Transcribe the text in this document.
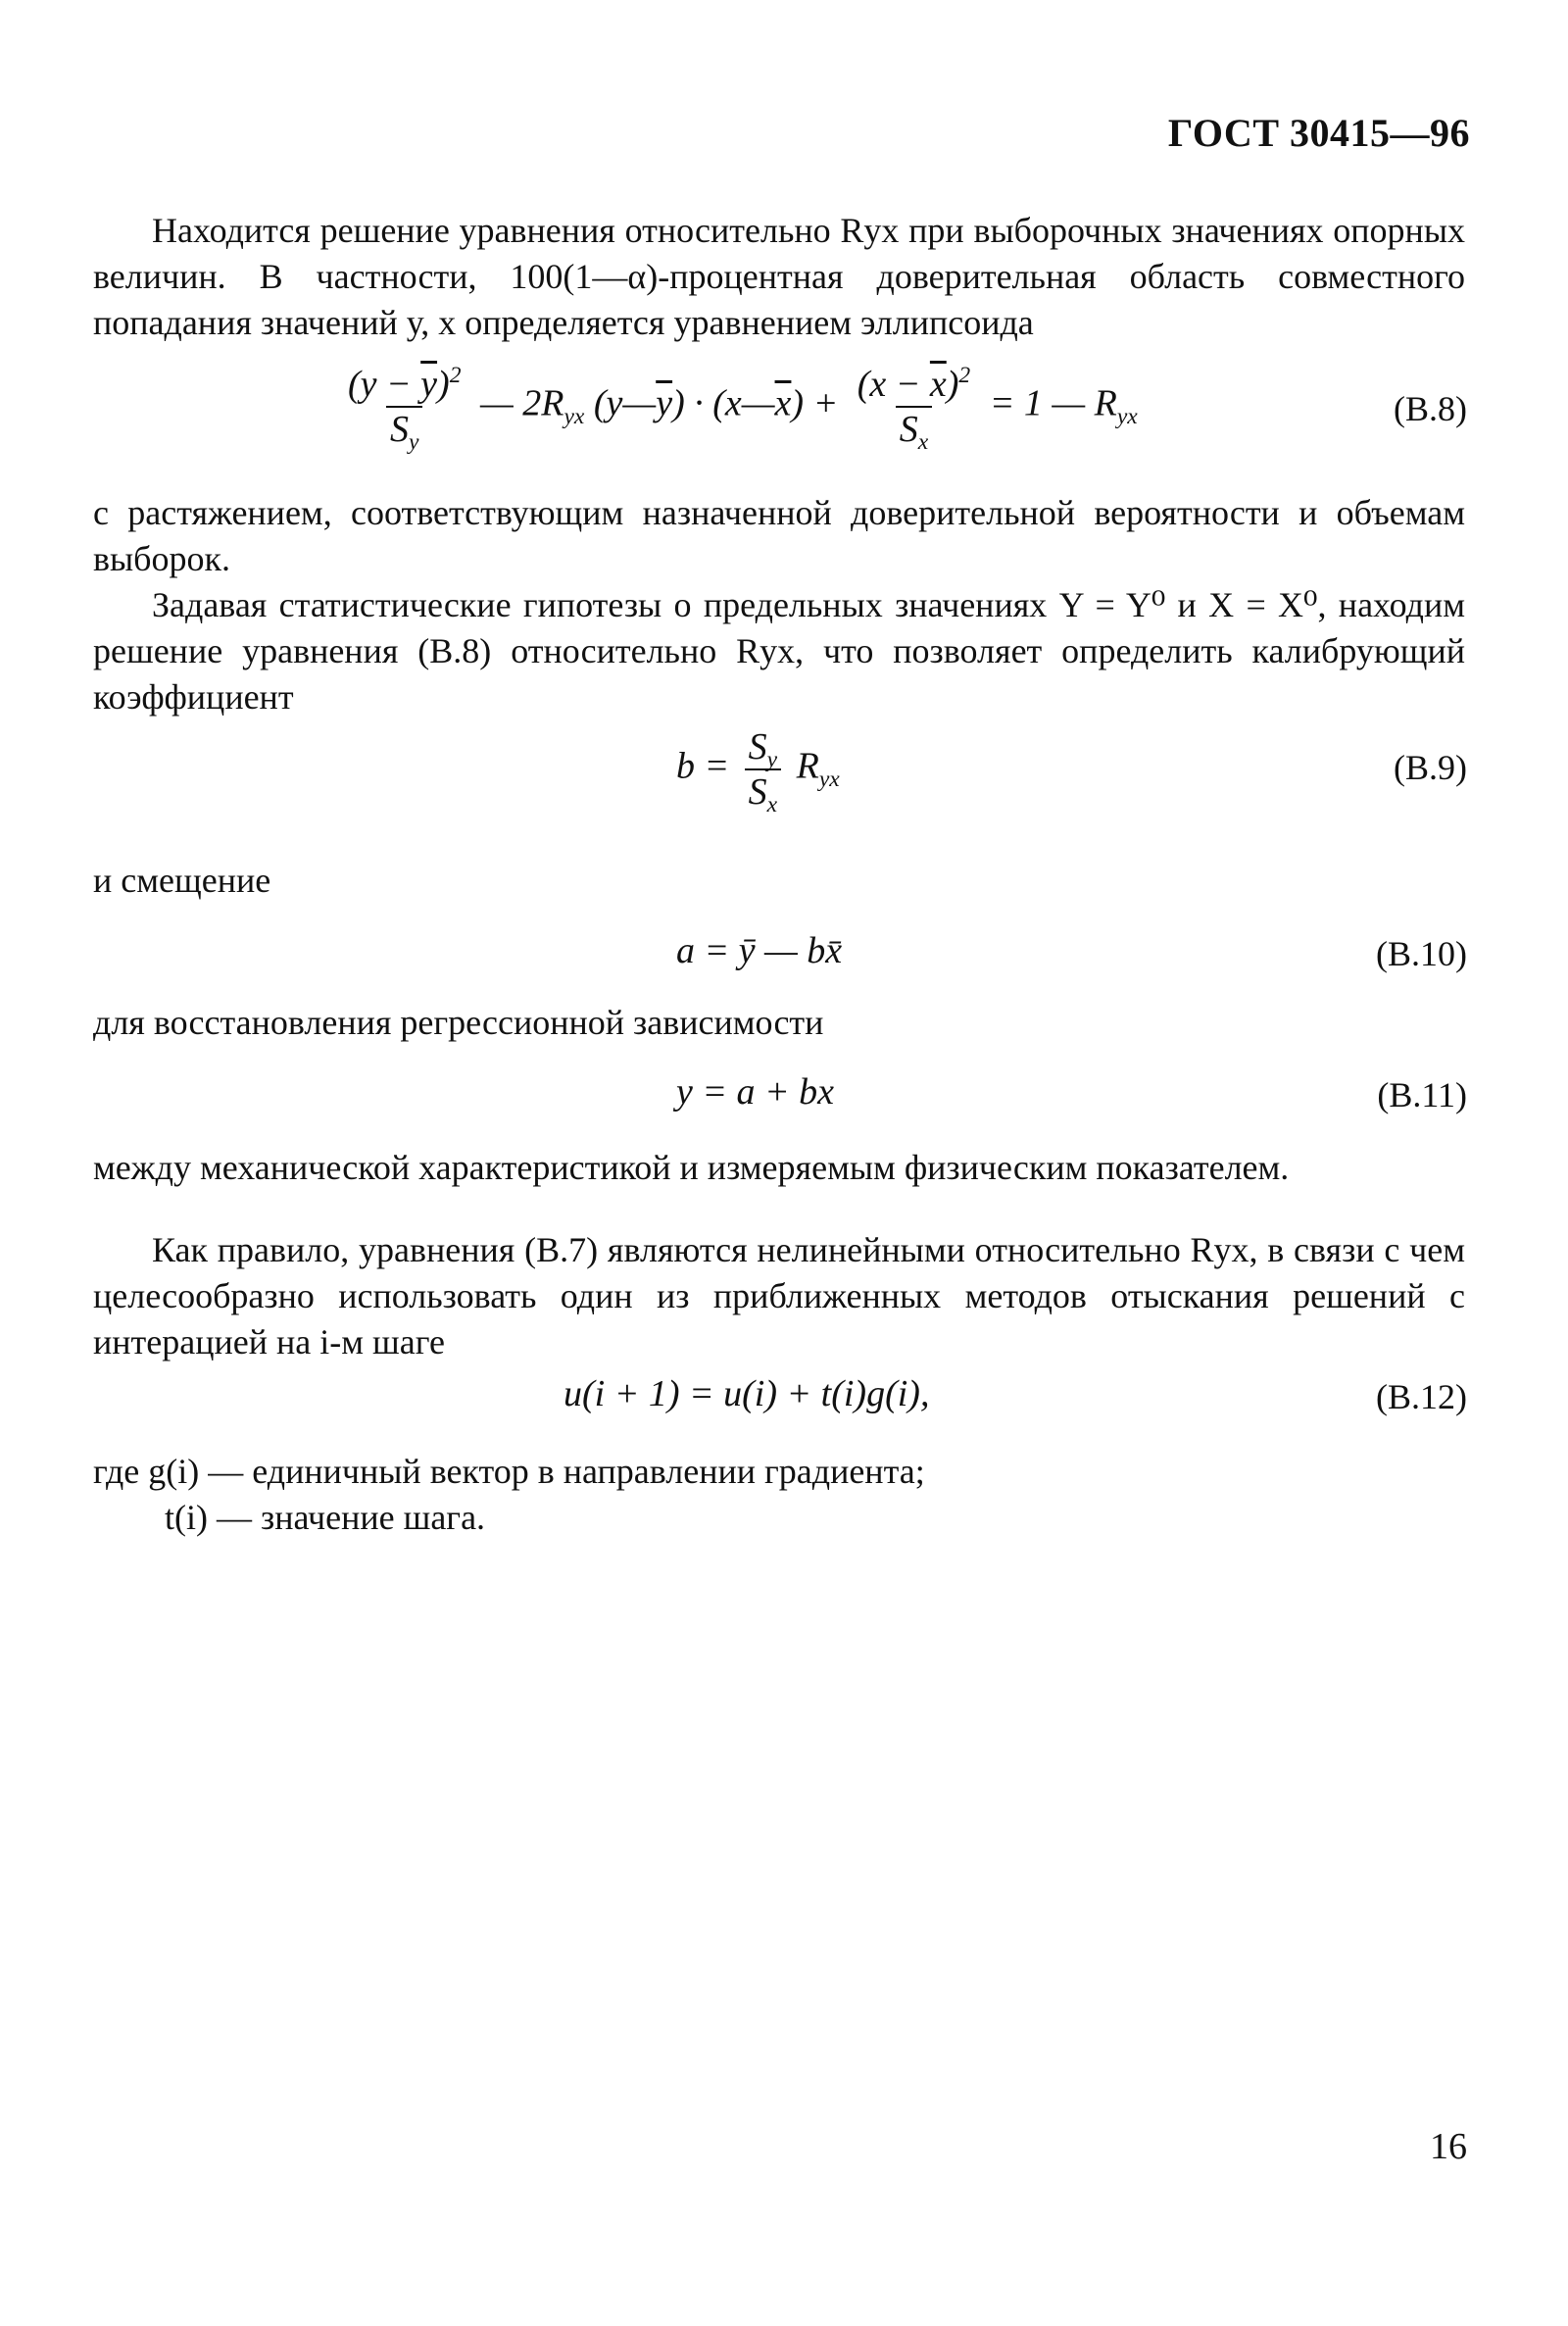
ГОСТ 30415—96
Находится решение уравнения относительно Rух при выборочных значениях опорных величин. В частности, 100(1—α)-процентная доверительная область совместного попадания значений у, х определяется уравнением эллипсоида
$\frac{(y - \overline{y})^2}{S_y}$ — $2R_{yx}$ $(y—\overline{y})$ · $(x—\overline{x}) + \frac{(x - \overline{x})^2}{S_x} = 1$ — $R_{yx}$	(В.8)
с растяжением, соответствующим назначенной доверительной вероятности и объемам выборок.
Задавая статистические гипотезы о предельных значениях Y = Y⁰ и X = X⁰, находим решение уравнения (В.8) относительно Rух, что позволяет определить калибрующий коэффициент
$b = \frac{S_y}{S_x} R_{yx}$	(В.9)
и смещение
a = ȳ — bx̄	(В.10)
для восстановления регрессионной зависимости
y = a + bx	(В.11)
между механической характеристикой и измеряемым физическим показателем.
Как правило, уравнения (В.7) являются нелинейными относительно Rух, в связи с чем целесообразно использовать один из приближенных методов отыскания решений с интерацией на i-м шаге
u(i + 1) = u(i) + t(i)g(i),	(В.12)
где g(i) — единичный вектор в направлении градиента;
t(i) — значение шага.
16
